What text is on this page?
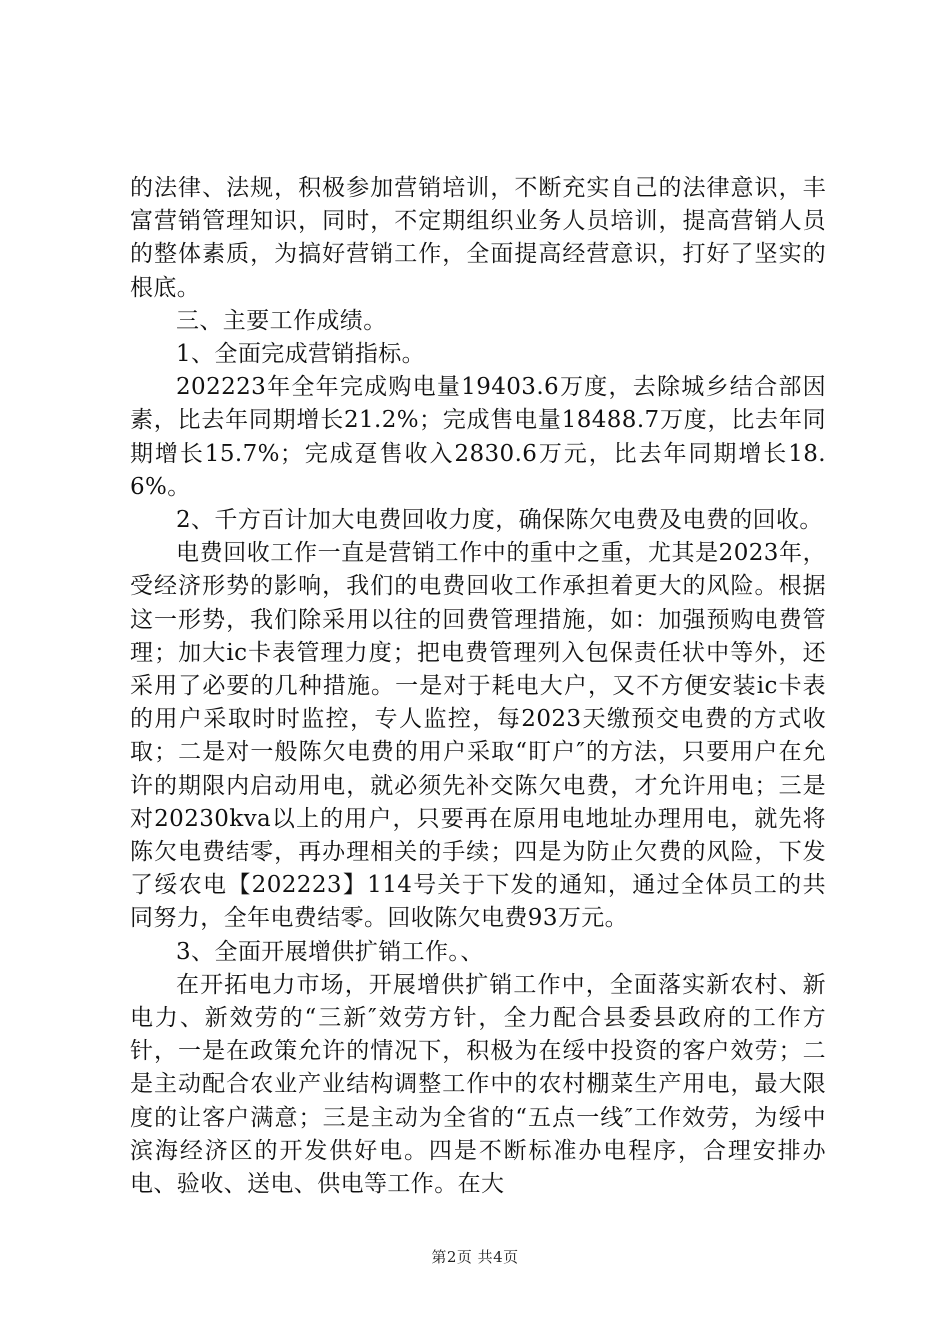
的法律、法规，积极参加营销培训，不断充实自己的法律意识，丰富营销管理知识，同时，不定期组织业务人员培训，提高营销人员的整体素质，为搞好营销工作，全面提高经营意识，打好了坚实的根底。

三、主要工作成绩。

1、全面完成营销指标。

202223年全年完成购电量19403.6万度，去除城乡结合部因素，比去年同期增长21.2%；完成售电量18488.7万度，比去年同期增长15.7%；完成趸售收入2830.6万元，比去年同期增长18.6%。

2、千方百计加大电费回收力度，确保陈欠电费及电费的回收。

电费回收工作一直是营销工作中的重中之重，尤其是2023年，受经济形势的影响，我们的电费回收工作承担着更大的风险。根据这一形势，我们除采用以往的回费管理措施，如：加强预购电费管理；加大ic卡表管理力度；把电费管理列入包保责任状中等外，还采用了必要的几种措施。一是对于耗电大户，又不方便安装ic卡表的用户采取时时监控，专人监控，每2023天缴预交电费的方式收取；二是对一般陈欠电费的用户采取“盯户″的方法，只要用户在允许的期限内启动用电，就必须先补交陈欠电费，才允许用电；三是对20230kva以上的用户，只要再在原用电地址办理用电，就先将陈欠电费结零，再办理相关的手续；四是为防止欠费的风险，下发了绥农电【202223】114号关于下发的通知，通过全体员工的共同努力，全年电费结零。回收陈欠电费93万元。

3、全面开展增供扩销工作。、

在开拓电力市场，开展增供扩销工作中，全面落实新农村、新电力、新效劳的“三新″效劳方针，全力配合县委县政府的工作方针，一是在政策允许的情况下，积极为在绥中投资的客户效劳；二是主动配合农业产业结构调整工作中的农村棚菜生产用电，最大限度的让客户满意；三是主动为全省的“五点一线″工作效劳，为绥中滨海经济区的开发供好电。四是不断标准办电程序，合理安排办电、验收、送电、供电等工作。在大

第2页 共4页
